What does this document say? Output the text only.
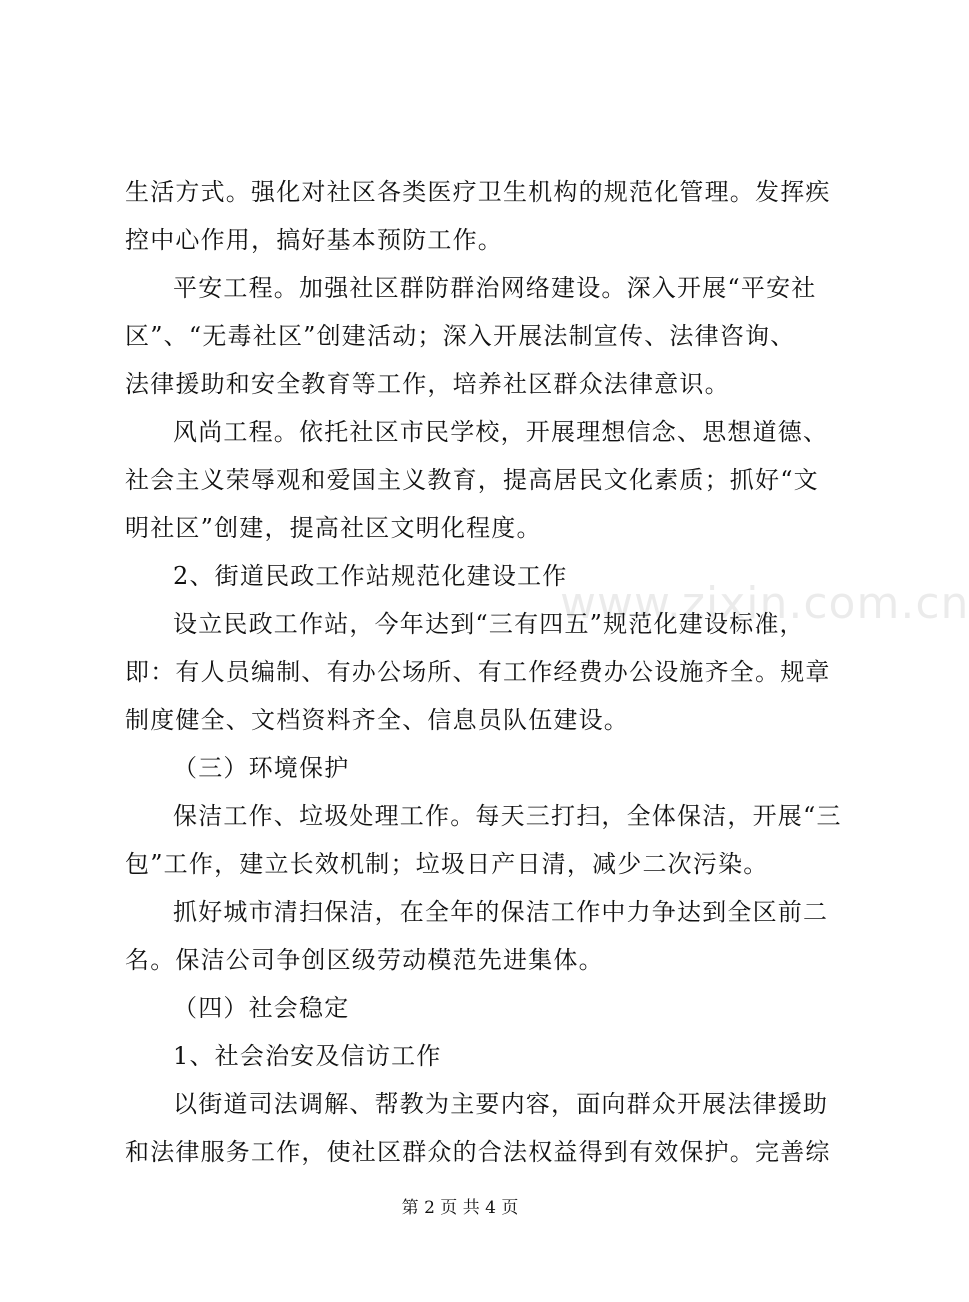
www.zixin.com.cn
生活方式。强化对社区各类医疗卫生机构的规范化管理。发挥疾
控中心作用，搞好基本预防工作。
平安工程。加强社区群防群治网络建设。深入开展“平安社
区”、“无毒社区”创建活动；深入开展法制宣传、法律咨询、
法律援助和安全教育等工作，培养社区群众法律意识。
风尚工程。依托社区市民学校，开展理想信念、思想道德、
社会主义荣辱观和爱国主义教育，提高居民文化素质；抓好“文
明社区”创建，提高社区文明化程度。
2、街道民政工作站规范化建设工作
设立民政工作站，今年达到“三有四五”规范化建设标准，
即：有人员编制、有办公场所、有工作经费办公设施齐全。规章
制度健全、文档资料齐全、信息员队伍建设。
（三）环境保护
保洁工作、垃圾处理工作。每天三打扫，全体保洁，开展“三
包”工作，建立长效机制；垃圾日产日清，减少二次污染。
抓好城市清扫保洁，在全年的保洁工作中力争达到全区前二
名。保洁公司争创区级劳动模范先进集体。
（四）社会稳定
1、社会治安及信访工作
以街道司法调解、帮教为主要内容，面向群众开展法律援助
和法律服务工作，使社区群众的合法权益得到有效保护。完善综
第 2 页 共 4 页
